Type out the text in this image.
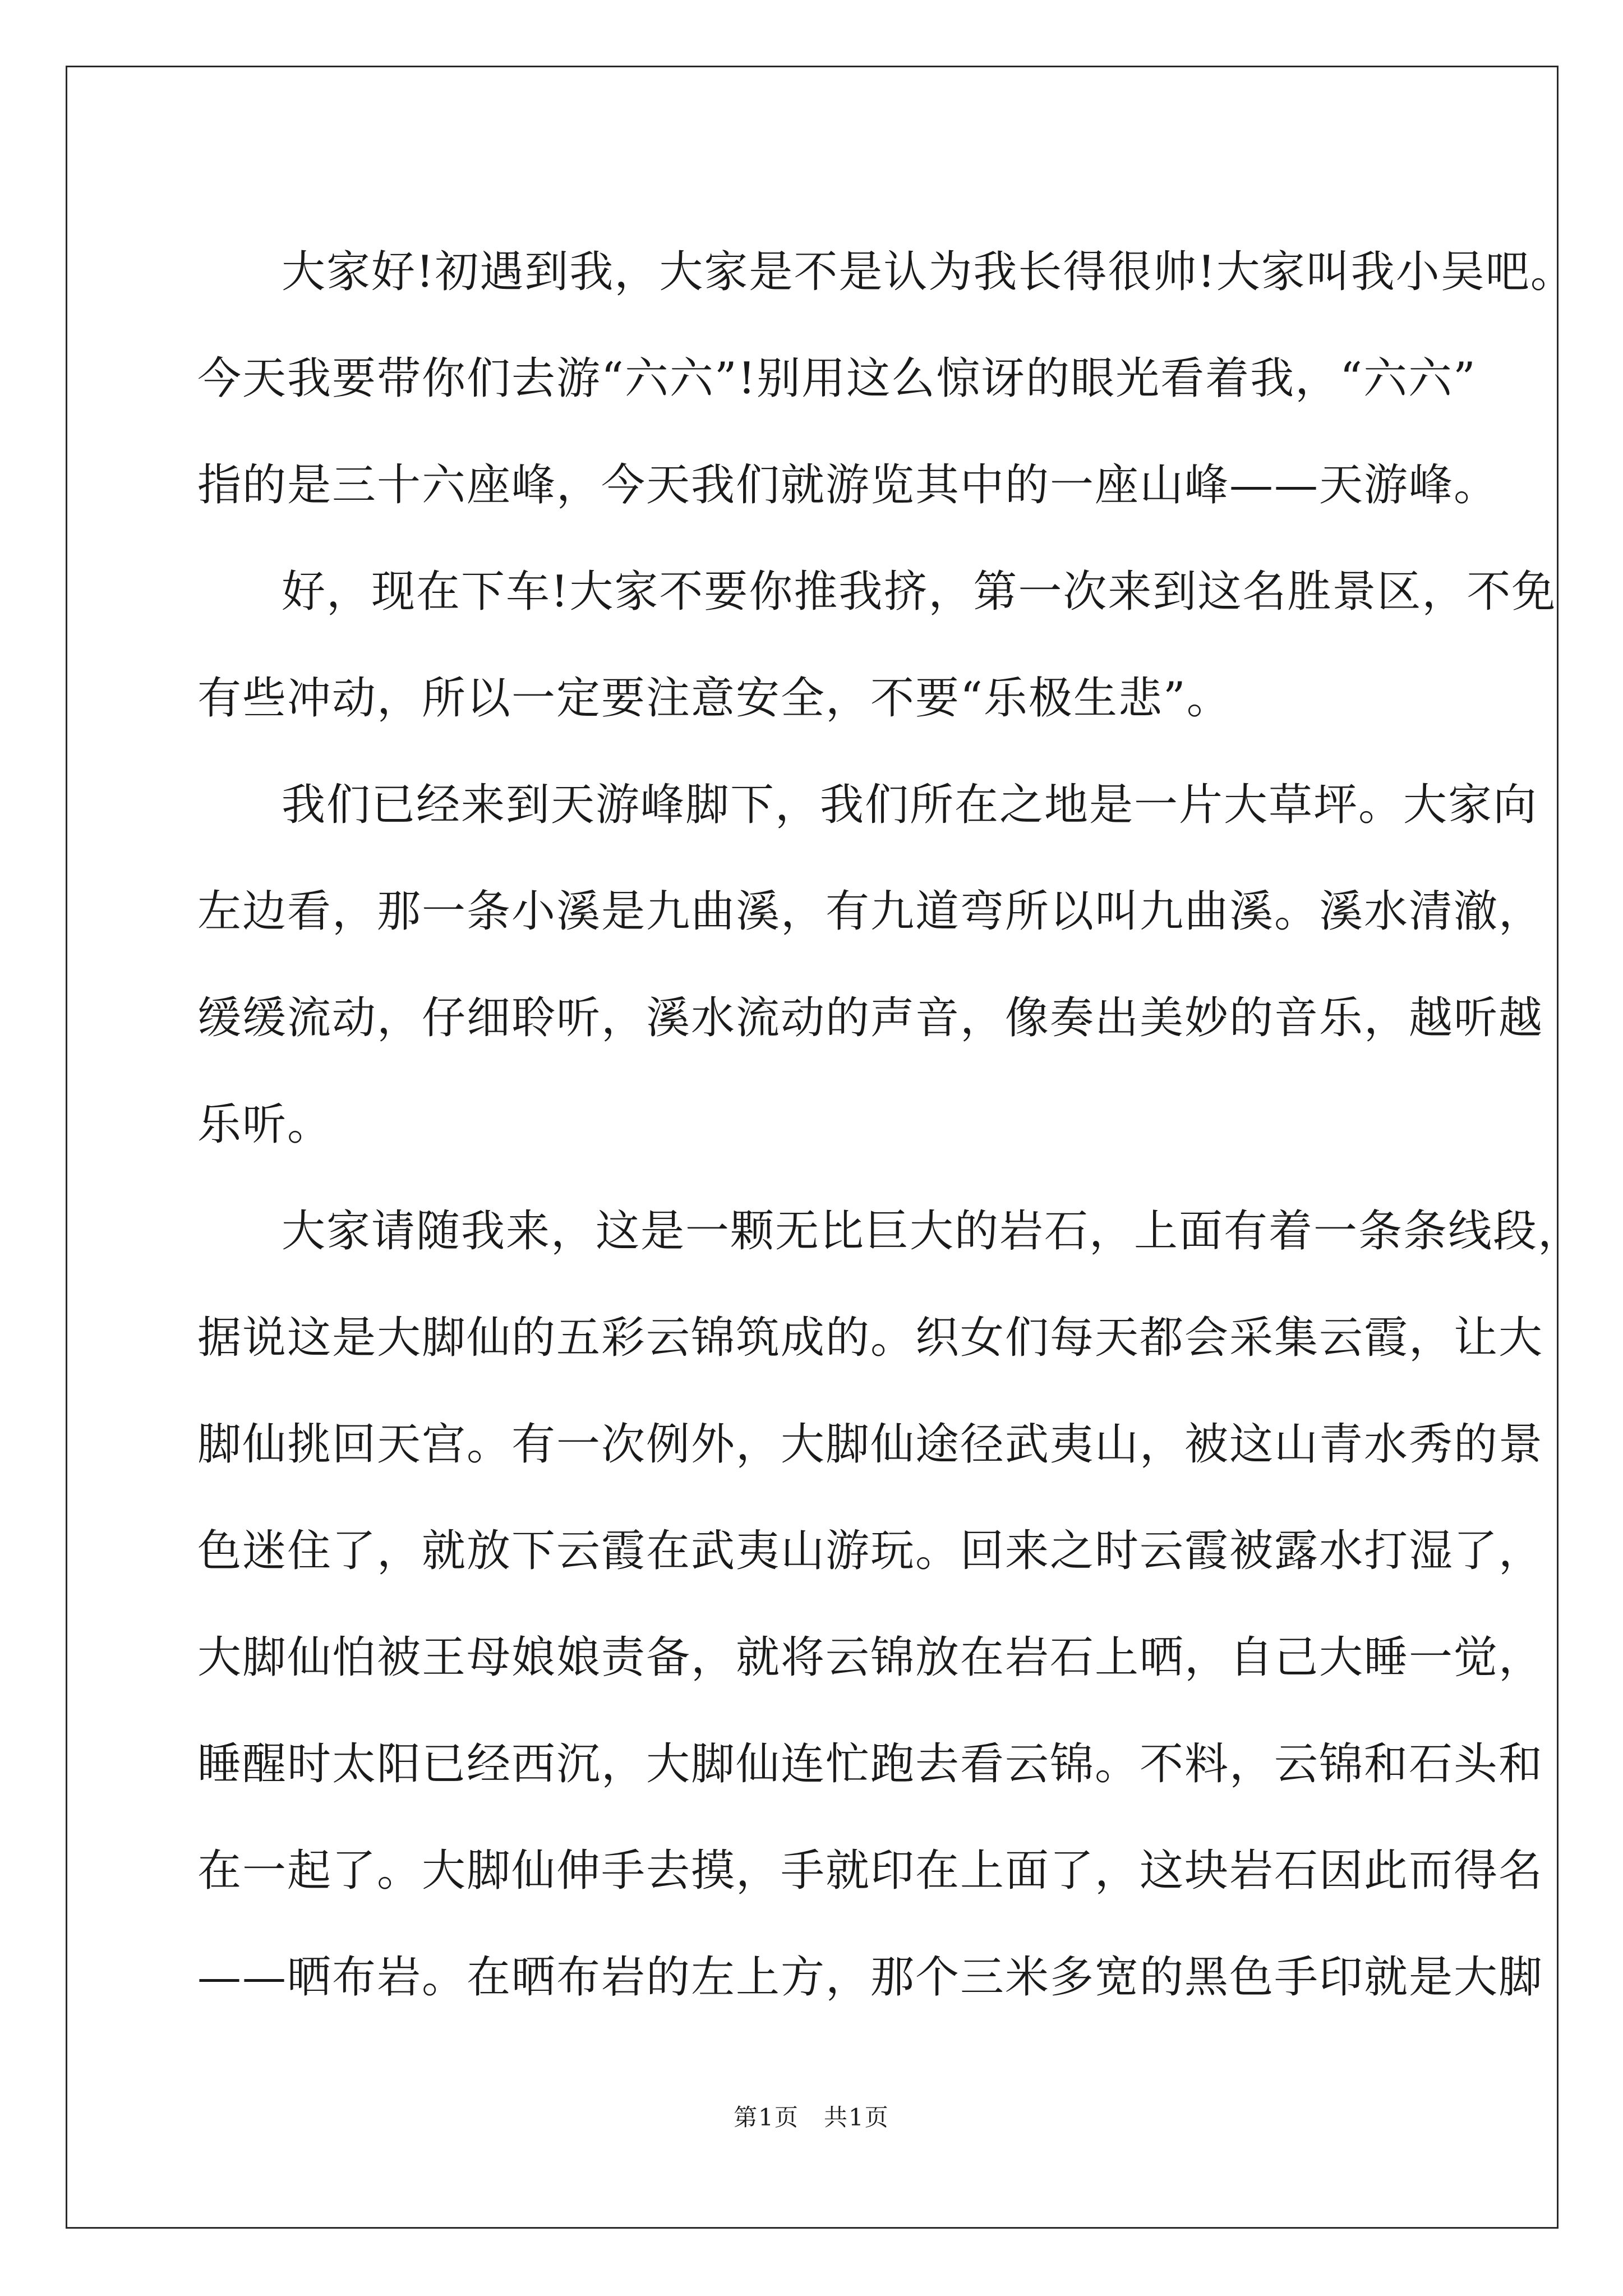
大家好!初遇到我，大家是不是认为我长得很帅!大家叫我小吴吧。
今天我要带你们去游“六六”!别用这么惊讶的眼光看着我，“六六”
指的是三十六座峰，今天我们就游览其中的一座山峰——天游峰。
好，现在下车!大家不要你推我挤，第一次来到这名胜景区，不免
有些冲动，所以一定要注意安全，不要“乐极生悲”。
我们已经来到天游峰脚下，我们所在之地是一片大草坪。大家向
左边看，那一条小溪是九曲溪，有九道弯所以叫九曲溪。溪水清澈，
缓缓流动，仔细聆听，溪水流动的声音，像奏出美妙的音乐，越听越
乐听。
大家请随我来，这是一颗无比巨大的岩石，上面有着一条条线段，
据说这是大脚仙的五彩云锦筑成的。织女们每天都会采集云霞，让大
脚仙挑回天宫。有一次例外，大脚仙途径武夷山，被这山青水秀的景
色迷住了，就放下云霞在武夷山游玩。回来之时云霞被露水打湿了，
大脚仙怕被王母娘娘责备，就将云锦放在岩石上晒，自己大睡一觉，
睡醒时太阳已经西沉，大脚仙连忙跑去看云锦。不料，云锦和石头和
在一起了。大脚仙伸手去摸，手就印在上面了，这块岩石因此而得名
——晒布岩。在晒布岩的左上方，那个三米多宽的黑色手印就是大脚
第1页　共1页
